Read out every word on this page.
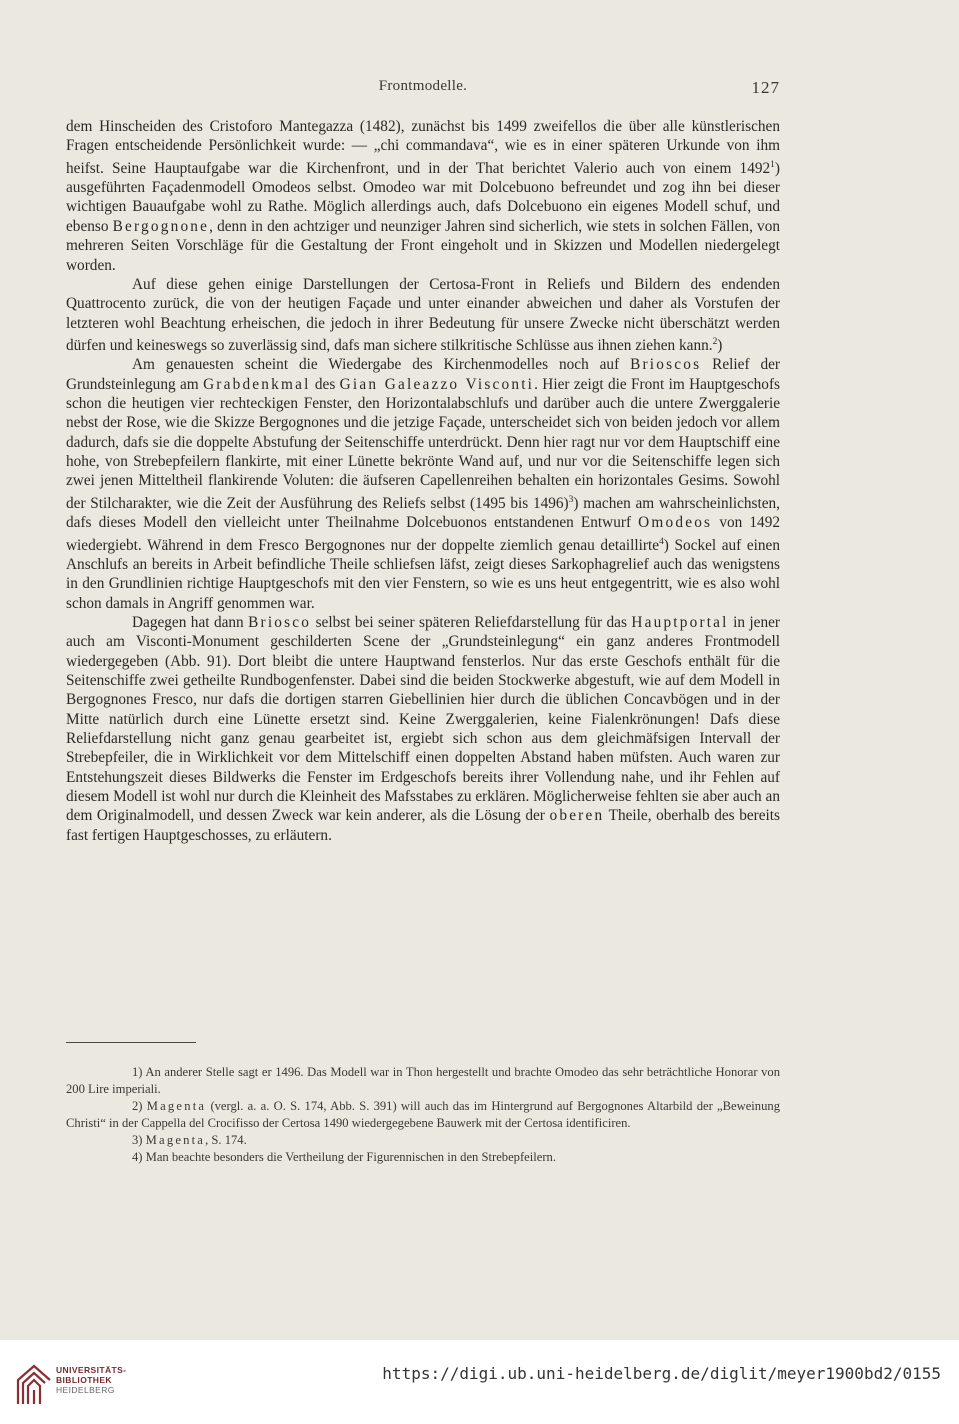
Frontmodelle.	127

dem Hinscheiden des Cristoforo Mantegazza (1482), zunächst bis 1499 zweifellos die über alle künstlerischen Fragen entscheidende Persönlichkeit wurde: — „chi commandava“, wie es in einer späteren Urkunde von ihm heifst. Seine Hauptaufgabe war die Kirchenfront, und in der That berichtet Valerio auch von einem 1492$^1$) ausgeführten Façadenmodell Omodeos selbst. Omodeo war mit Dolcebuono befreundet und zog ihn bei dieser wichtigen Bauaufgabe wohl zu Rathe. Möglich allerdings auch, dafs Dolcebuono ein eigenes Modell schuf, und ebenso Bergognone, denn in den achtziger und neunziger Jahren sind sicherlich, wie stets in solchen Fällen, von mehreren Seiten Vorschläge für die Gestaltung der Front eingeholt und in Skizzen und Modellen niedergelegt worden.

Auf diese gehen einige Darstellungen der Certosa-Front in Reliefs und Bildern des endenden Quattrocento zurück, die von der heutigen Façade und unter einander abweichen und daher als Vorstufen der letzteren wohl Beachtung erheischen, die jedoch in ihrer Bedeutung für unsere Zwecke nicht überschätzt werden dürfen und keineswegs so zuverlässig sind, dafs man sichere stilkritische Schlüsse aus ihnen ziehen kann.$^2$)

Am genauesten scheint die Wiedergabe des Kirchenmodelles noch auf Brioscos Relief der Grundsteinlegung am Grabdenkmal des Gian Galeazzo Visconti. Hier zeigt die Front im Hauptgeschofs schon die heutigen vier rechteckigen Fenster, den Horizontalabschlufs und darüber auch die untere Zwerggalerie nebst der Rose, wie die Skizze Bergognones und die jetzige Façade, unterscheidet sich von beiden jedoch vor allem dadurch, dafs sie die doppelte Abstufung der Seitenschiffe unterdrückt. Denn hier ragt nur vor dem Hauptschiff eine hohe, von Strebepfeilern flankirte, mit einer Lünette bekrönte Wand auf, und nur vor die Seitenschiffe legen sich zwei jenen Mitteltheil flankirende Voluten: die äufseren Capellenreihen behalten ein horizontales Gesims. Sowohl der Stilcharakter, wie die Zeit der Ausführung des Reliefs selbst (1495 bis 1496)$^3$) machen am wahrscheinlichsten, dafs dieses Modell den vielleicht unter Theilnahme Dolcebuonos entstandenen Entwurf Omodeos von 1492 wiedergiebt. Während in dem Fresco Bergognones nur der doppelte ziemlich genau detaillirte$^4$) Sockel auf einen Anschlufs an bereits in Arbeit befindliche Theile schliefsen läfst, zeigt dieses Sarkophagrelief auch das wenigstens in den Grundlinien richtige Hauptgeschofs mit den vier Fenstern, so wie es uns heut entgegentritt, wie es also wohl schon damals in Angriff genommen war.

Dagegen hat dann Briosco selbst bei seiner späteren Reliefdarstellung für das Hauptportal in jener auch am Visconti-Monument geschilderten Scene der „Grundsteinlegung“ ein ganz anderes Frontmodell wiedergegeben (Abb. 91). Dort bleibt die untere Hauptwand fensterlos. Nur das erste Geschofs enthält für die Seitenschiffe zwei getheilte Rundbogenfenster. Dabei sind die beiden Stockwerke abgestuft, wie auf dem Modell in Bergognones Fresco, nur dafs die dortigen starren Giebellinien hier durch die üblichen Concavbögen und in der Mitte natürlich durch eine Lünette ersetzt sind. Keine Zwerggalerien, keine Fialenkrönungen! Dafs diese Reliefdarstellung nicht ganz genau gearbeitet ist, ergiebt sich schon aus dem gleichmäfsigen Intervall der Strebepfeiler, die in Wirklichkeit vor dem Mittelschiff einen doppelten Abstand haben müfsten. Auch waren zur Entstehungszeit dieses Bildwerks die Fenster im Erdgeschofs bereits ihrer Vollendung nahe, und ihr Fehlen auf diesem Modell ist wohl nur durch die Kleinheit des Mafsstabes zu erklären. Möglicherweise fehlten sie aber auch an dem Originalmodell, und dessen Zweck war kein anderer, als die Lösung der oberen Theile, oberhalb des bereits fast fertigen Hauptgeschosses, zu erläutern.

1) An anderer Stelle sagt er 1496. Das Modell war in Thon hergestellt und brachte Omodeo das sehr beträchtliche Honorar von 200 Lire imperiali.

2) Magenta (vergl. a. a. O. S. 174, Abb. S. 391) will auch das im Hintergrund auf Bergognones Altarbild der „Beweinung Christi“ in der Cappella del Crocifisso der Certosa 1490 wiedergegebene Bauwerk mit der Certosa identificiren.

3) Magenta, S. 174.

4) Man beachte besonders die Vertheilung der Figurennischen in den Strebepfeilern.

UNIVERSITÄTS-
BIBLIOTHEK
HEIDELBERG
https://digi.ub.uni-heidelberg.de/diglit/meyer1900bd2/0155
